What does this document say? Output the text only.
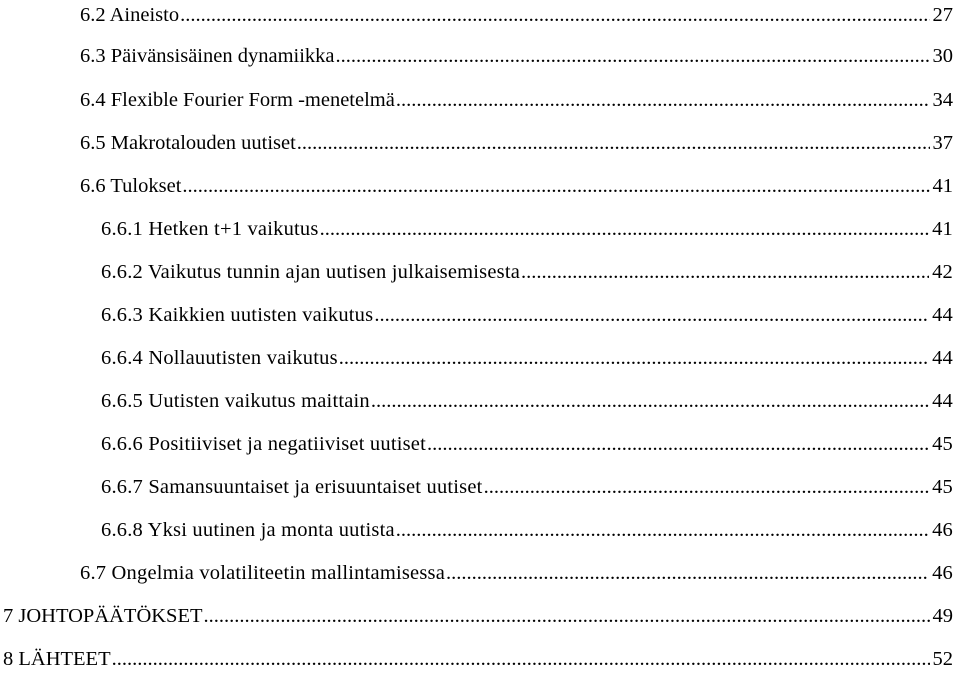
6.2 Aineisto .....	27
6.3 Päivänsisäinen dynamiikka .....	30
6.4 Flexible Fourier Form -menetelmä .....	34
6.5 Makrotalouden uutiset .....	37
6.6 Tulokset .....	41
6.6.1 Hetken t+1 vaikutus .....	41
6.6.2 Vaikutus tunnin ajan uutisen julkaisemisesta .....	42
6.6.3 Kaikkien uutisten vaikutus .....	44
6.6.4 Nollauutisten vaikutus .....	44
6.6.5 Uutisten vaikutus maittain .....	44
6.6.6 Positiiviset ja negatiiviset uutiset .....	45
6.6.7 Samansuuntaiset ja erisuuntaiset uutiset .....	45
6.6.8 Yksi uutinen ja monta uutista .....	46
6.7 Ongelmia volatiliteetin mallintamisessa .....	46
7 JOHTOPÄÄTÖKSET .....	49
8 LÄHTEET .....	52
